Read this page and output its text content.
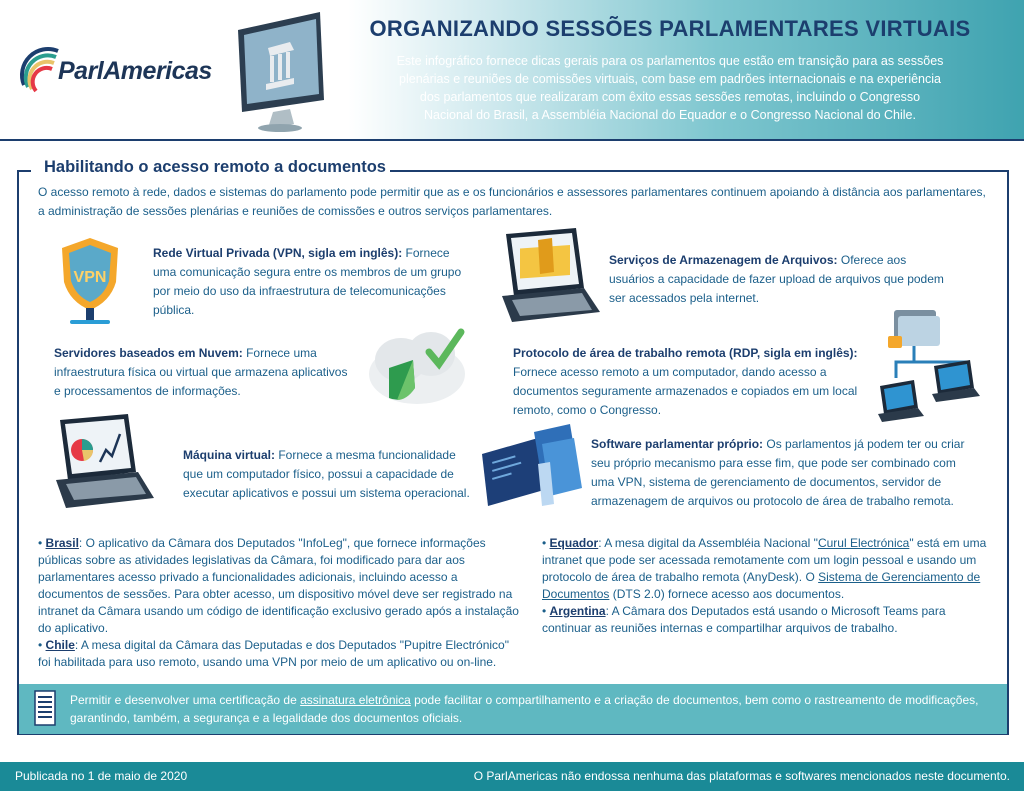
ParlAmericas
ORGANIZANDO SESSÕES PARLAMENTARES VIRTUAIS
Este infográfico fornece dicas gerais para os parlamentos que estão em transição para as sessões plenárias e reuniões de comissões virtuais, com base em padrões internacionais e na experiência dos parlamentos que realizaram com êxito essas sessões remotas, incluindo o Congresso Nacional do Brasil, a Assembléia Nacional do Equador e o Congresso Nacional do Chile.
Habilitando o acesso remoto a documentos
O acesso remoto à rede, dados e sistemas do parlamento pode permitir que as e os funcionários e assessores parlamentares continuem apoiando à distância aos parlamentares, a administração de sessões plenárias e reuniões de comissões e outros serviços parlamentares.
VPN
Rede Virtual Privada (VPN, sigla em inglês): Fornece uma comunicação segura entre os membros de um grupo por meio do uso da infraestrutura de telecomunicações pública.
Serviços de Armazenagem de Arquivos: Oferece aos usuários a capacidade de fazer upload de arquivos que podem ser acessados pela internet.
Servidores baseados em Nuvem: Fornece uma infraestrutura física ou virtual que armazena aplicativos e processamentos de informações.
Protocolo de área de trabalho remota (RDP, sigla em inglês): Fornece acesso remoto a um computador, dando acesso a documentos seguramente armazenados e copiados em um local remoto, como o Congresso.
Máquina virtual: Fornece a mesma funcionalidade que um computador físico, possui a capacidade de executar aplicativos e possui um sistema operacional.
Software parlamentar próprio: Os parlamentos já podem ter ou criar seu próprio mecanismo para esse fim, que pode ser combinado com uma VPN, sistema de gerenciamento de documentos, servidor de armazenagem de arquivos ou protocolo de área de trabalho remota.

• Brasil: O aplicativo da Câmara dos Deputados "InfoLeg", que fornece informações públicas sobre as atividades legislativas da Câmara, foi modificado para dar aos parlamentares acesso privado a funcionalidades adicionais, incluindo acesso a documentos de sessões. Para obter acesso, um dispositivo móvel deve ser registrado na intranet da Câmara usando um código de identificação exclusivo gerado após a instalação do aplicativo.

• Chile: A mesa digital da Câmara das Deputadas e dos Deputados "Pupitre Electrónico" foi habilitada para uso remoto, usando uma VPN por meio de um aplicativo ou on-line.

• Equador: A mesa digital da Assembléia Nacional "Curul Electrónica" está em uma intranet que pode ser acessada remotamente com um login pessoal e usando um protocolo de área de trabalho remota (AnyDesk). O Sistema de Gerenciamento de Documentos (DTS 2.0) fornece acesso aos documentos.

• Argentina: A Câmara dos Deputados está usando o Microsoft Teams para continuar as reuniões internas e compartilhar arquivos de trabalho.

Permitir e desenvolver uma certificação de assinatura eletrônica pode facilitar o compartilhamento e a criação de documentos, bem como o rastreamento de modificações, garantindo, também, a segurança e a legalidade dos documentos oficiais.
Publicada no 1 de maio de 2020	O ParlAmericas não endossa nenhuma das plataformas e softwares mencionados neste documento.
